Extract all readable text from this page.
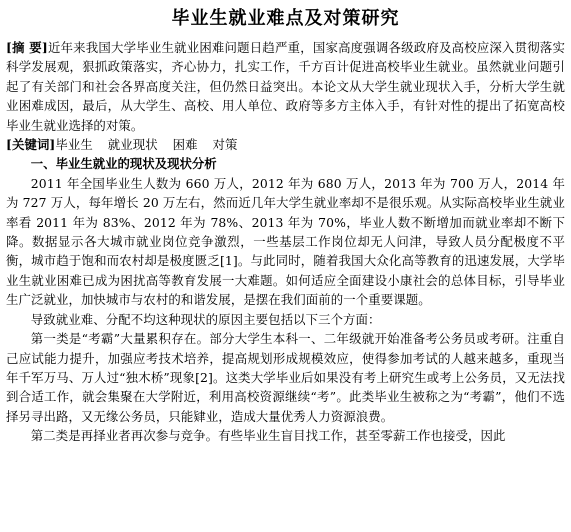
毕业生就业难点及对策研究

[摘 要]近年来我国大学毕业生就业困难问题日趋严重，国家高度强调各级政府及高校应深入贯彻落实科学发展观，狠抓政策落实，齐心协力，扎实工作，千方百计促进高校毕业生就业。虽然就业问题引起了有关部门和社会各界高度关注，但仍然日益突出。本论文从大学生就业现状入手，分析大学生就业困难成因，最后，从大学生、高校、用人单位、政府等多方主体入手，有针对性的提出了拓宽高校毕业生就业选择的对策。

[关键词]毕业生 就业现状 困难 对策

一、毕业生就业的现状及现状分析

2011 年全国毕业生人数为 660 万人，2012 年为 680 万人，2013 年为 700 万人，2014 年为 727 万人，每年增长 20 万左右，然而近几年大学生就业率却不是很乐观。从实际高校毕业生就业率看 2011 年为 83%、2012 年为 78%、2013 年为 70%，毕业人数不断增加而就业率却不断下降。数据显示各大城市就业岗位竞争激烈，一些基层工作岗位却无人问津，导致人员分配极度不平衡，城市趋于饱和而农村却是极度匮乏[1]。与此同时，随着我国大众化高等教育的迅速发展，大学毕业生就业困难已成为困扰高等教育发展一大难题。如何适应全面建设小康社会的总体目标，引导毕业生广泛就业，加快城市与农村的和谐发展，是摆在我们面前的一个重要课题。

导致就业难、分配不均这种现状的原因主要包括以下三个方面：

第一类是“考霸”大量累积存在。部分大学生本科一、二年级就开始准备考公务员或考研。注重自己应试能力提升，加强应考技术培养，提高规划形成规模效应，使得参加考试的人越来越多，重现当年千军万马、万人过“独木桥”现象[2]。这类大学毕业后如果没有考上研究生或考上公务员，又无法找到合适工作，就会集聚在大学附近，利用高校资源继续“考”。此类毕业生被称之为“考霸”，他们不选择另寻出路，又无缘公务员，只能肄业，造成大量优秀人力资源浪费。

第二类是再择业者再次参与竞争。有些毕业生盲目找工作，甚至零薪工作也接受，因此
